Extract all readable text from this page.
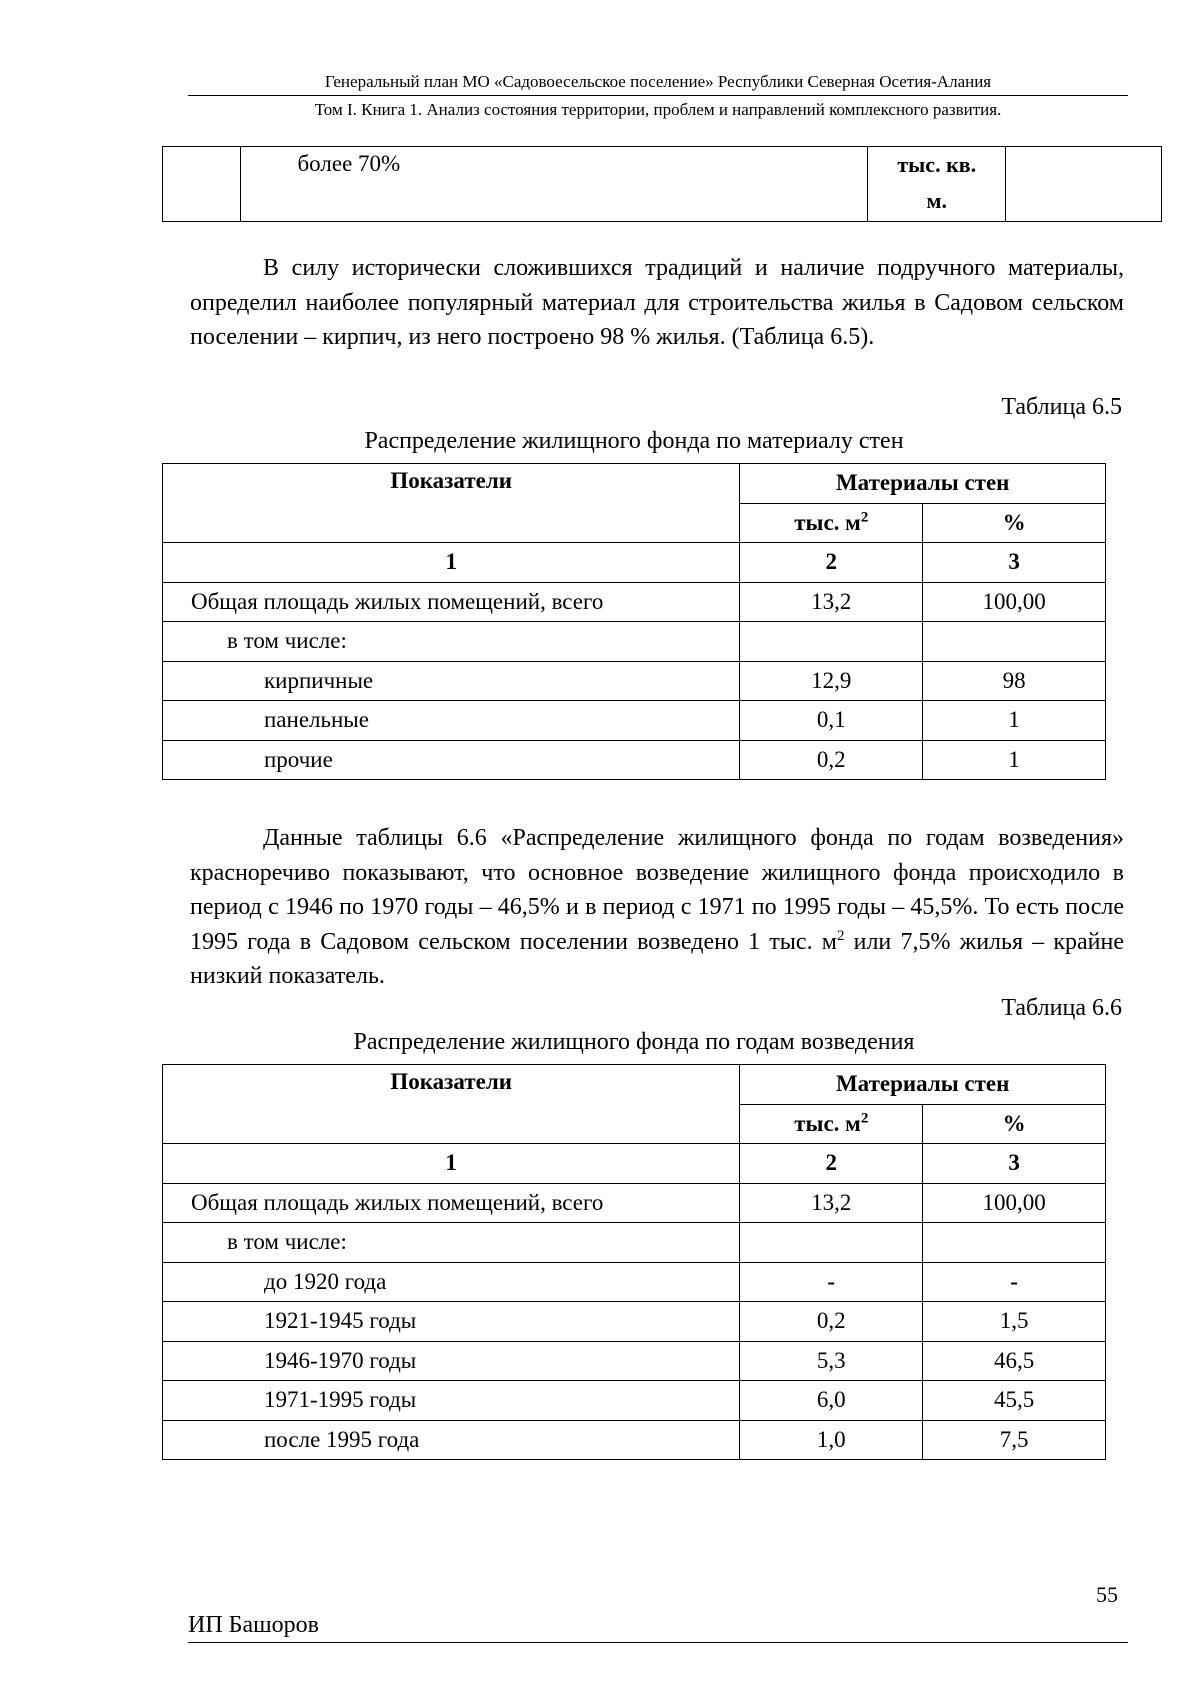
Генеральный план МО «Садовоесельское поселение» Республики Северная Осетия-Алания
Том I. Книга 1. Анализ состояния территории, проблем и направлений комплексного развития.
	более 70%	тыс. кв.
м.

В силу исторически сложившихся традиций и наличие подручного материалы, определил наиболее популярный материал для строительства жилья в Садовом сельском поселении – кирпич, из него построено 98 % жилья. (Таблица 6.5).

Таблица 6.5
Распределение жилищного фонда по материалу стен
Показатели	Материалы стен	
	тыс. $м^2$	%
1	2	3
Общая площадь жилых помещений, всего	13,2	100,00
в том числе:		
кирпичные	12,9	98
панельные	0,1	1
прочие	0,2	1

Данные таблицы 6.6 «Распределение жилищного фонда по годам возведения» красноречиво показывают, что основное возведение жилищного фонда происходило в период с 1946 по 1970 годы – 46,5% и в период с 1971 по 1995 годы – 45,5%. То есть после 1995 года в Садовом сельском поселении возведено 1 тыс. $м^2$ или 7,5% жилья – крайне низкий показатель.

Таблица 6.6
Распределение жилищного фонда по годам возведения
Показатели	Материалы стен	
	тыс. $м^2$	%
1	2	3
Общая площадь жилых помещений, всего	13,2	100,00
в том числе:		
до 1920 года	-	-
1921-1945 годы	0,2	1,5
1946-1970 годы	5,3	46,5
1971-1995 годы	6,0	45,5
после 1995 года	1,0	7,5
55
ИП Башоров
